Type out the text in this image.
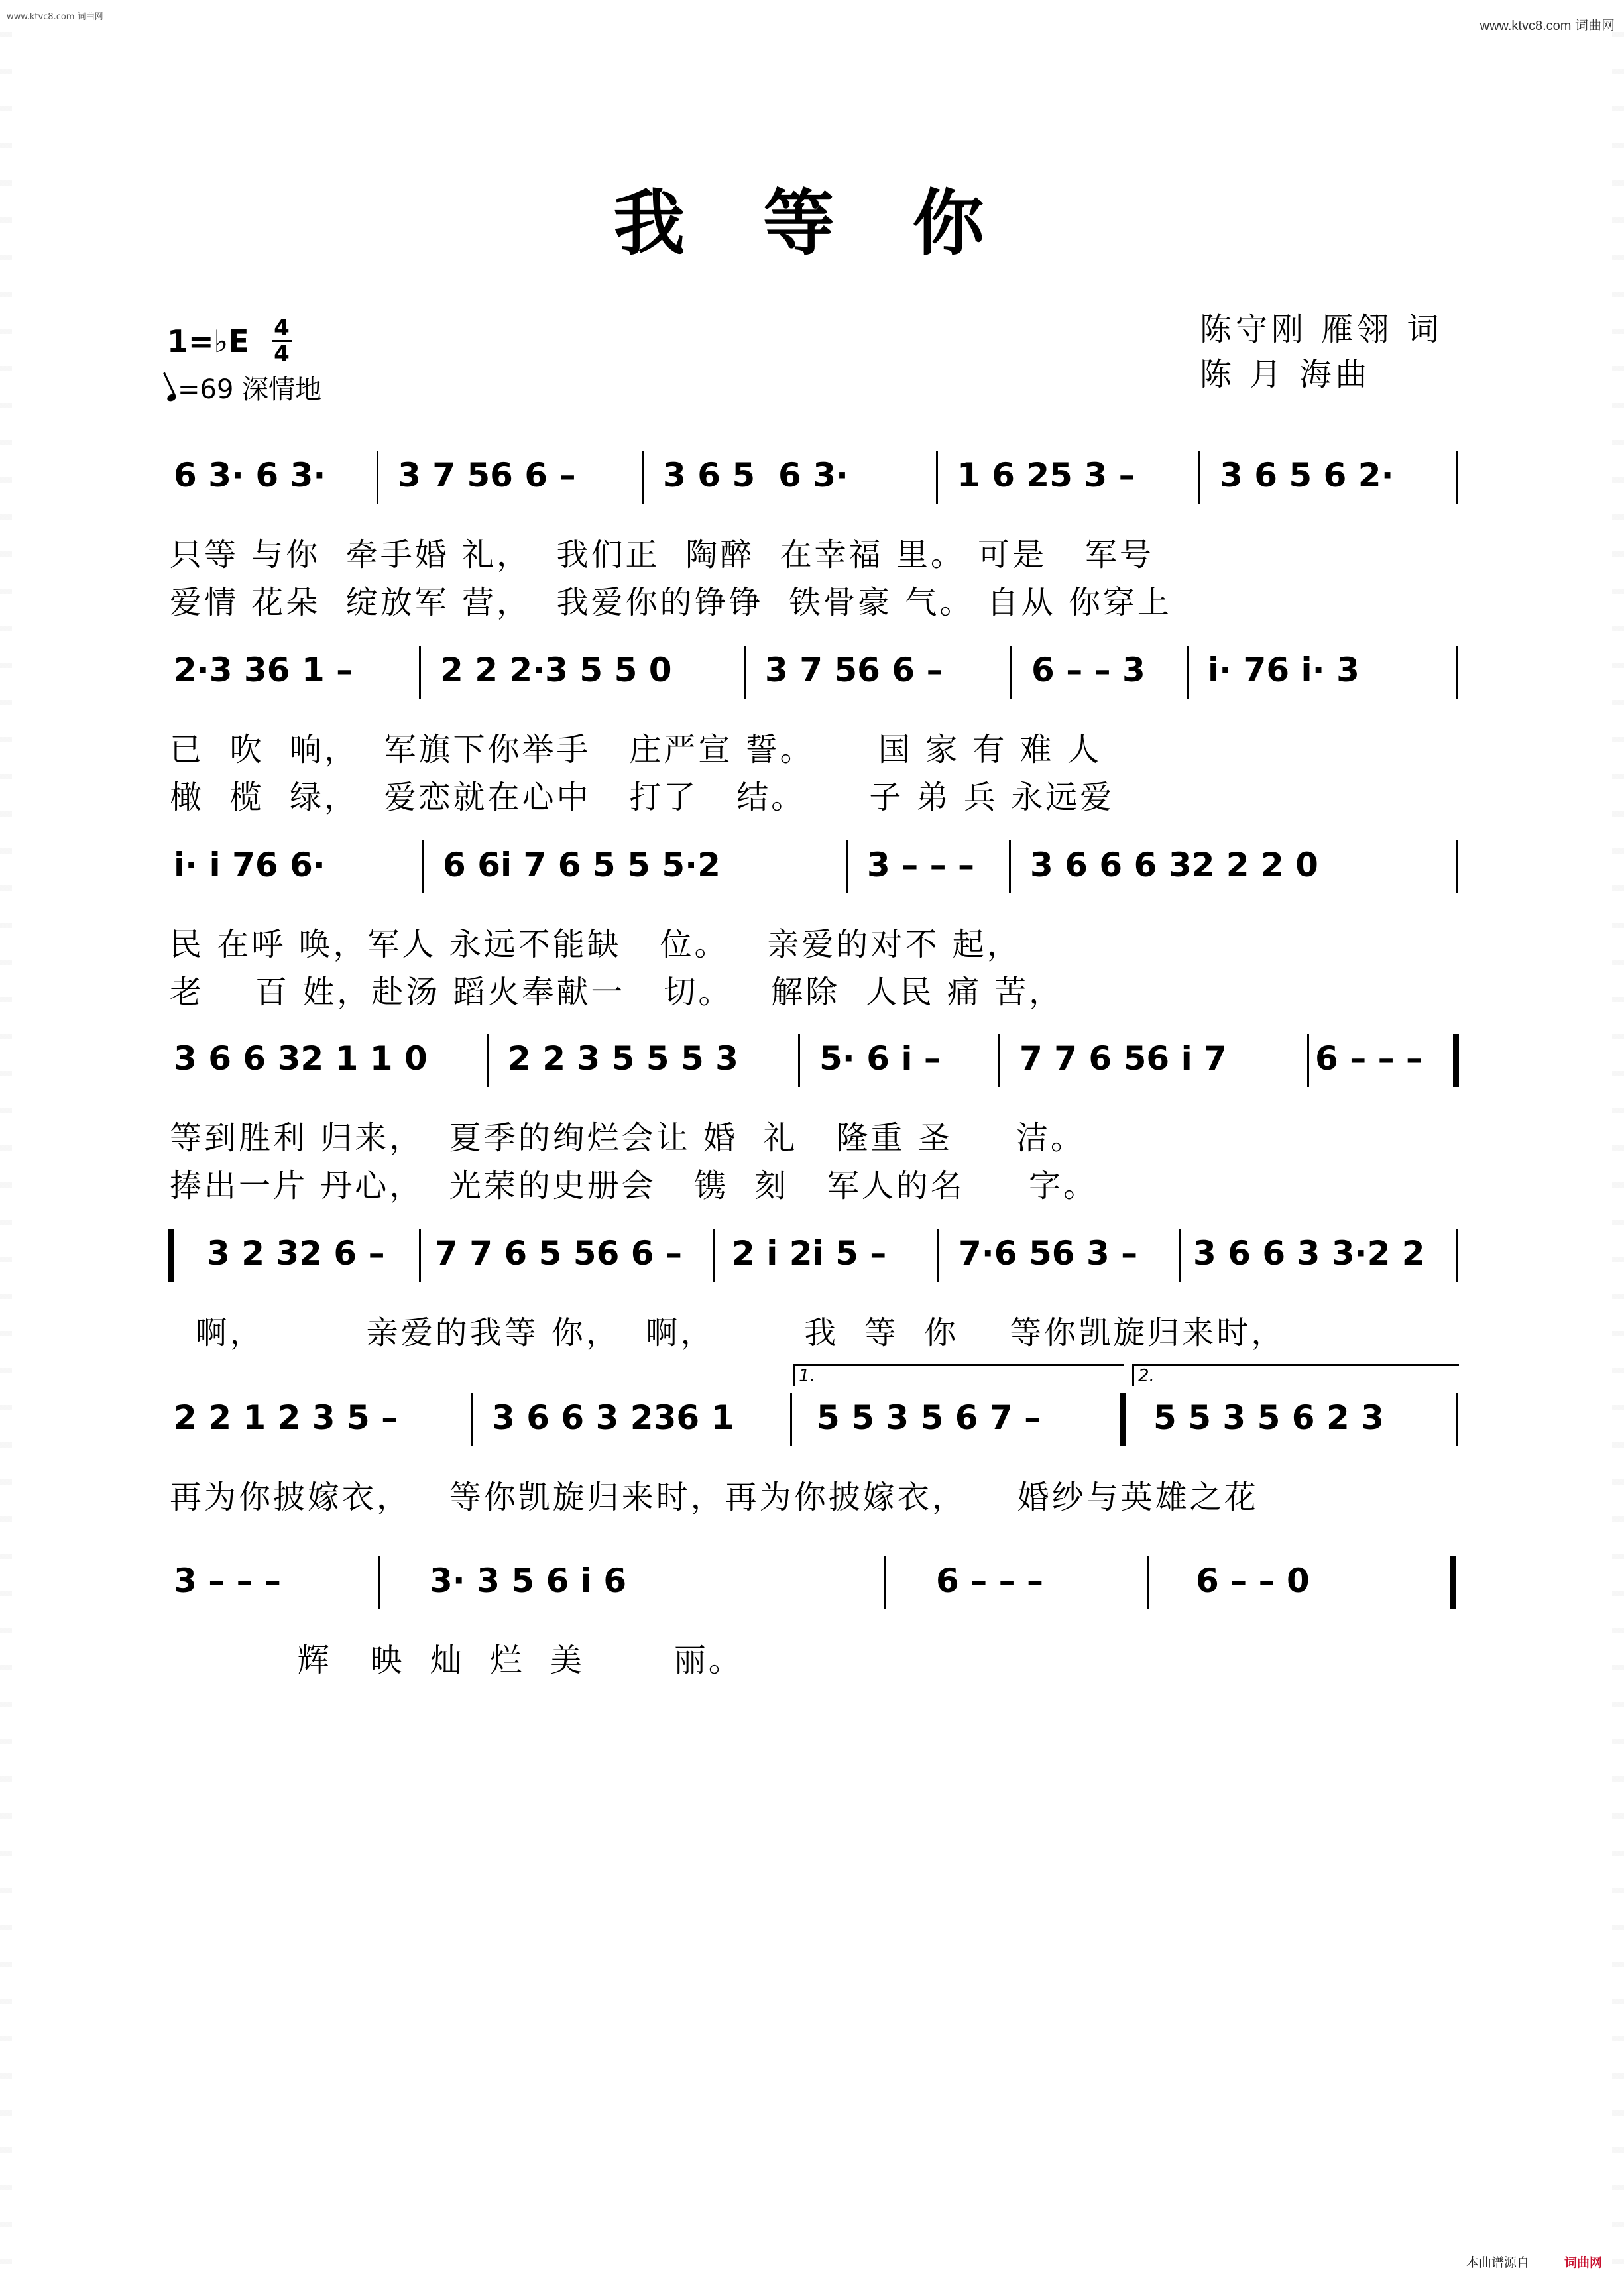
www.ktvc8.com 词曲网
www.ktvc8.com 词曲网
我 等 你
1=♭E 4
4
=69 深情地
陈守刚 雁翎 词
陈 月 海曲
6 3· 6 3· 3 7 56 6 –	3 6 5  6 3·	1 6 25 3 –	3 6 5 6 2·
只等 与你  牵手婚 礼，  我们正  陶醉  在幸福 里。 可是   军号
爱情 花朵  绽放军 营，  我爱你的铮铮  铁骨豪 气。 自从 你穿上
2·3 36 1 –	2 2 2·3 5 5 0	3 7 56 6 –	6 – – 3 i· 76 i· 3
已  吹  响，  军旗下你举手   庄严宣 誓。     国 家 有 难 人
橄  榄  绿，  爱恋就在心中   打了   结。     子 弟 兵 永远爱
i· i 76 6·	6 6i 7 6 5 5 5·2	3 – – – 3 6 6 6 32 2 2 0
民 在呼 唤，军人 永远不能缺   位。   亲爱的对不 起，
老    百 姓，赴汤 蹈火奉献一   切。   解除  人民 痛 苦，
3 6 6 32 1 1 0 2 2 3 5 5 5 3 5· 6 i – 7 7 6 56 i 7	6 – – –
等到胜利 归来，  夏季的绚烂会让 婚  礼   隆重 圣     洁。
捧出一片 丹心，  光荣的史册会   镌  刻   军人的名     字。
3 2 32 6 – 7 7 6 5 56 6 – 2 i 2i 5 – 7·6 56 3 – 3 6 6 3 3·2 2
啊，        亲爱的我等 你，  啊，       我  等  你    等你凯旋归来时，
1.	2.
2 2 1 2 3 5 –	3 6 6 3 236 1 5 5 3 5 6 7 –	5 5 3 5 6 2 3
再为你披嫁衣，   等你凯旋归来时，再为你披嫁衣，    婚纱与英雄之花
3 – – –	3· 3 5 6 i 6	6 – – –	6 – – 0
辉   映  灿  烂  美       丽。
本曲谱源自	词曲网
